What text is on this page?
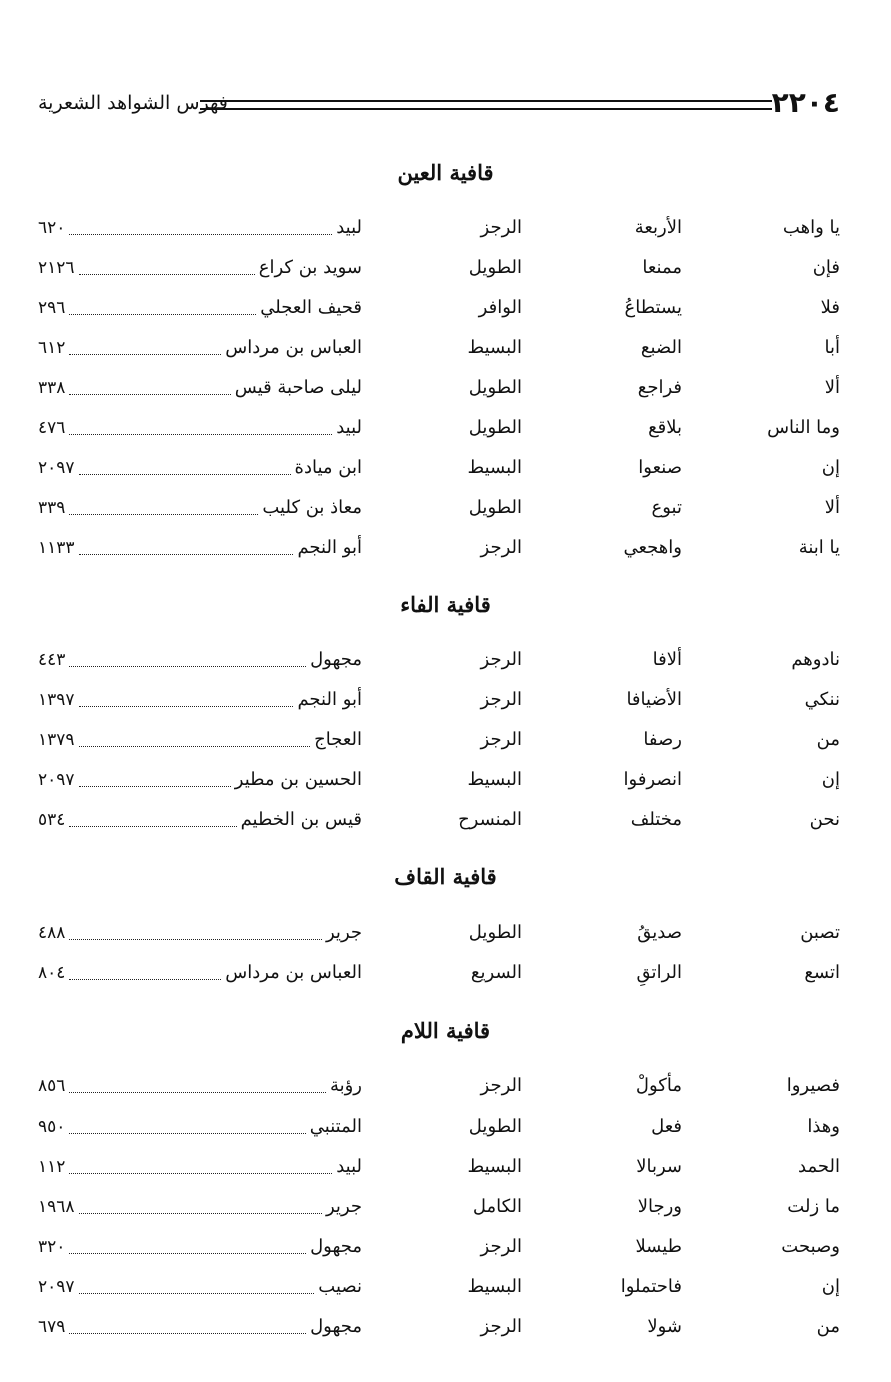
٢٢٠٤
فهرس الشواهد الشعرية
قافية العين
يا واهب
الأربعة
الرجز
لبيد
٦٢٠
فإن
ممنعا
الطويل
سويد بن كراع
٢١٢٦
فلا
يستطاعُ
الوافر
قحيف العجلي
٢٩٦
أبا
الضبع
البسيط
العباس بن مرداس
٦١٢
ألا
فراجع
الطويل
ليلى صاحبة قيس
٣٣٨
وما الناس
بلاقع
الطويل
لبيد
٤٧٦
إن
صنعوا
البسيط
ابن ميادة
٢٠٩٧
ألا
تبوع
الطويل
معاذ بن كليب
٣٣٩
يا ابنة
واهجعي
الرجز
أبو النجم
١١٣٣
قافية الفاء
نادوهم
ألافا
الرجز
مجهول
٤٤٣
ننكي
الأضيافا
الرجز
أبو النجم
١٣٩٧
من
رصفا
الرجز
العجاج
١٣٧٩
إن
انصرفوا
البسيط
الحسين بن مطير
٢٠٩٧
نحن
مختلف
المنسرح
قيس بن الخطيم
٥٣٤
قافية القاف
تصبن
صديقُ
الطويل
جرير
٤٨٨
اتسع
الراتقِ
السريع
العباس بن مرداس
٨٠٤
قافية اللام
فصيروا
مأكولْ
الرجز
رؤبة
٨٥٦
وهذا
فعل
الطويل
المتنبي
٩٥٠
الحمد
سربالا
البسيط
لبيد
١١٢
ما زلت
ورجالا
الكامل
جرير
١٩٦٨
وصبحت
طيسلا
الرجز
مجهول
٣٢٠
إن
فاحتملوا
البسيط
نصيب
٢٠٩٧
من
شولا
الرجز
مجهول
٦٧٩
